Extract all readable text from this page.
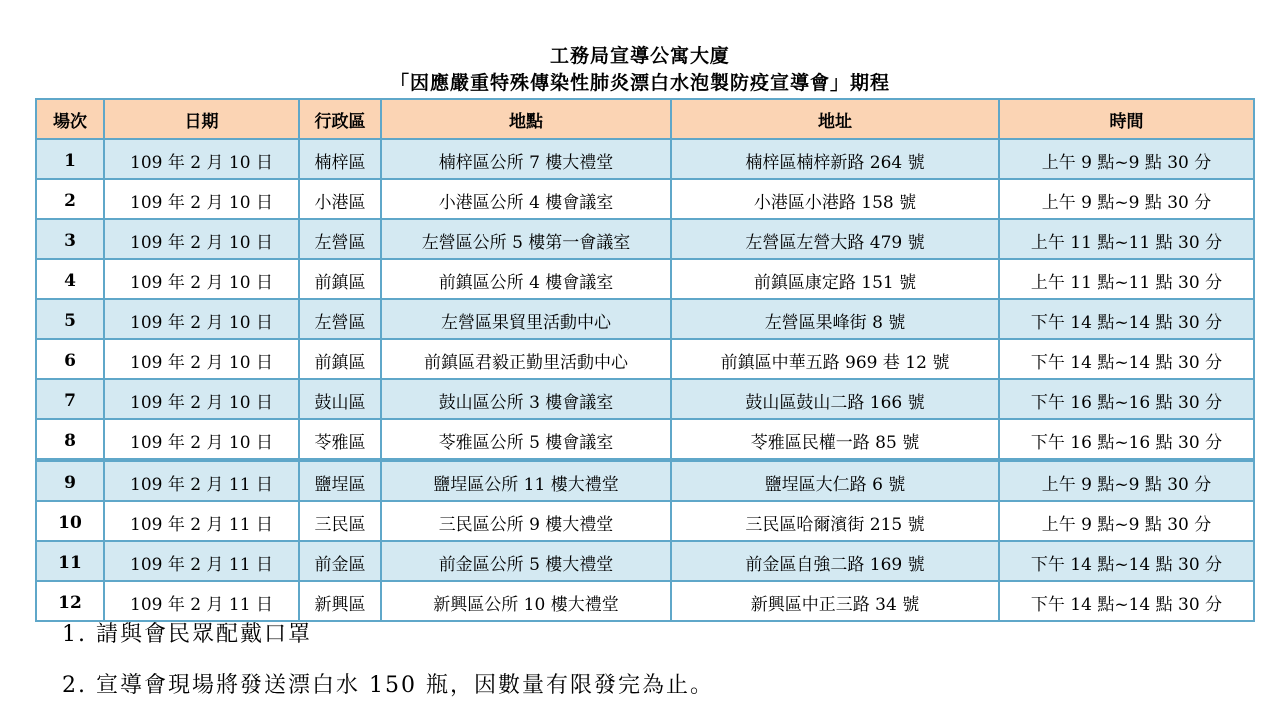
工務局宣導公寓大廈
「因應嚴重特殊傳染性肺炎漂白水泡製防疫宣導會」期程
場次	日期	行政區	地點	地址	時間
1	109 年 2 月 10 日	楠梓區	楠梓區公所 7 樓大禮堂	楠梓區楠梓新路 264 號	上午 9 點~9 點 30 分
2	109 年 2 月 10 日	小港區	小港區公所 4 樓會議室	小港區小港路 158 號	上午 9 點~9 點 30 分
3	109 年 2 月 10 日	左營區	左營區公所 5 樓第一會議室	左營區左營大路 479 號	上午 11 點~11 點 30 分
4	109 年 2 月 10 日	前鎮區	前鎮區公所 4 樓會議室	前鎮區康定路 151 號	上午 11 點~11 點 30 分
5	109 年 2 月 10 日	左營區	左營區果貿里活動中心	左營區果峰街 8 號	下午 14 點~14 點 30 分
6	109 年 2 月 10 日	前鎮區	前鎮區君毅正勤里活動中心	前鎮區中華五路 969 巷 12 號	下午 14 點~14 點 30 分
7	109 年 2 月 10 日	鼓山區	鼓山區公所 3 樓會議室	鼓山區鼓山二路 166 號	下午 16 點~16 點 30 分
8	109 年 2 月 10 日	苓雅區	苓雅區公所 5 樓會議室	苓雅區民權一路 85 號	下午 16 點~16 點 30 分
9	109 年 2 月 11 日	鹽埕區	鹽埕區公所 11 樓大禮堂	鹽埕區大仁路 6 號	上午 9 點~9 點 30 分
10	109 年 2 月 11 日	三民區	三民區公所 9 樓大禮堂	三民區哈爾濱街 215 號	上午 9 點~9 點 30 分
11	109 年 2 月 11 日	前金區	前金區公所 5 樓大禮堂	前金區自強二路 169 號	下午 14 點~14 點 30 分
12	109 年 2 月 11 日	新興區	新興區公所 10 樓大禮堂	新興區中正三路 34 號	下午 14 點~14 點 30 分
1. 請與會民眾配戴口罩
2. 宣導會現場將發送漂白水 150 瓶，因數量有限發完為止。
